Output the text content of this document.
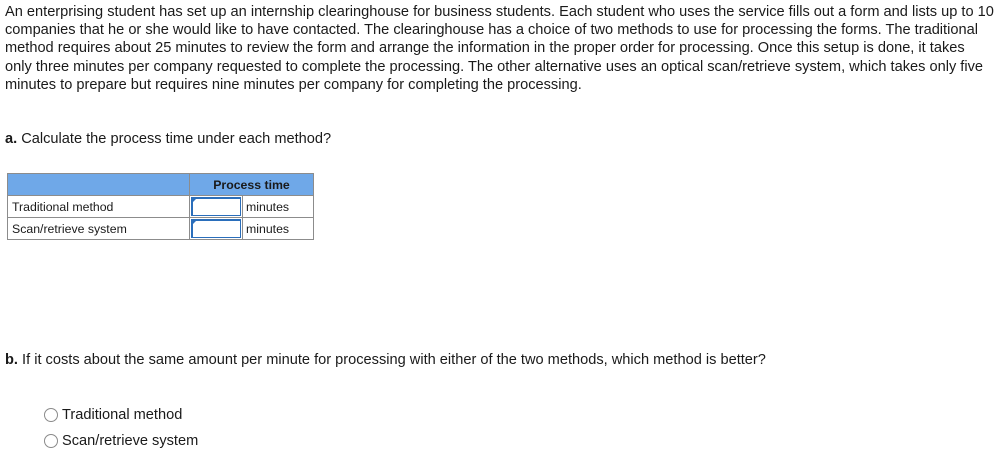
An enterprising student has set up an internship clearinghouse for business students. Each student who uses the service fills out a form and lists up to 10 companies that he or she would like to have contacted. The clearinghouse has a choice of two methods to use for processing the forms. The traditional method requires about 25 minutes to review the form and arrange the information in the proper order for processing. Once this setup is done, it takes only three minutes per company requested to complete the processing. The other alternative uses an optical scan/retrieve system, which takes only five minutes to prepare but requires nine minutes per company for completing the processing.

a. Calculate the process time under each method?

	Process time	
Traditional method		minutes
Scan/retrieve system		minutes

b. If it costs about the same amount per minute for processing with either of the two methods, which method is better?

Traditional method
Scan/retrieve system
